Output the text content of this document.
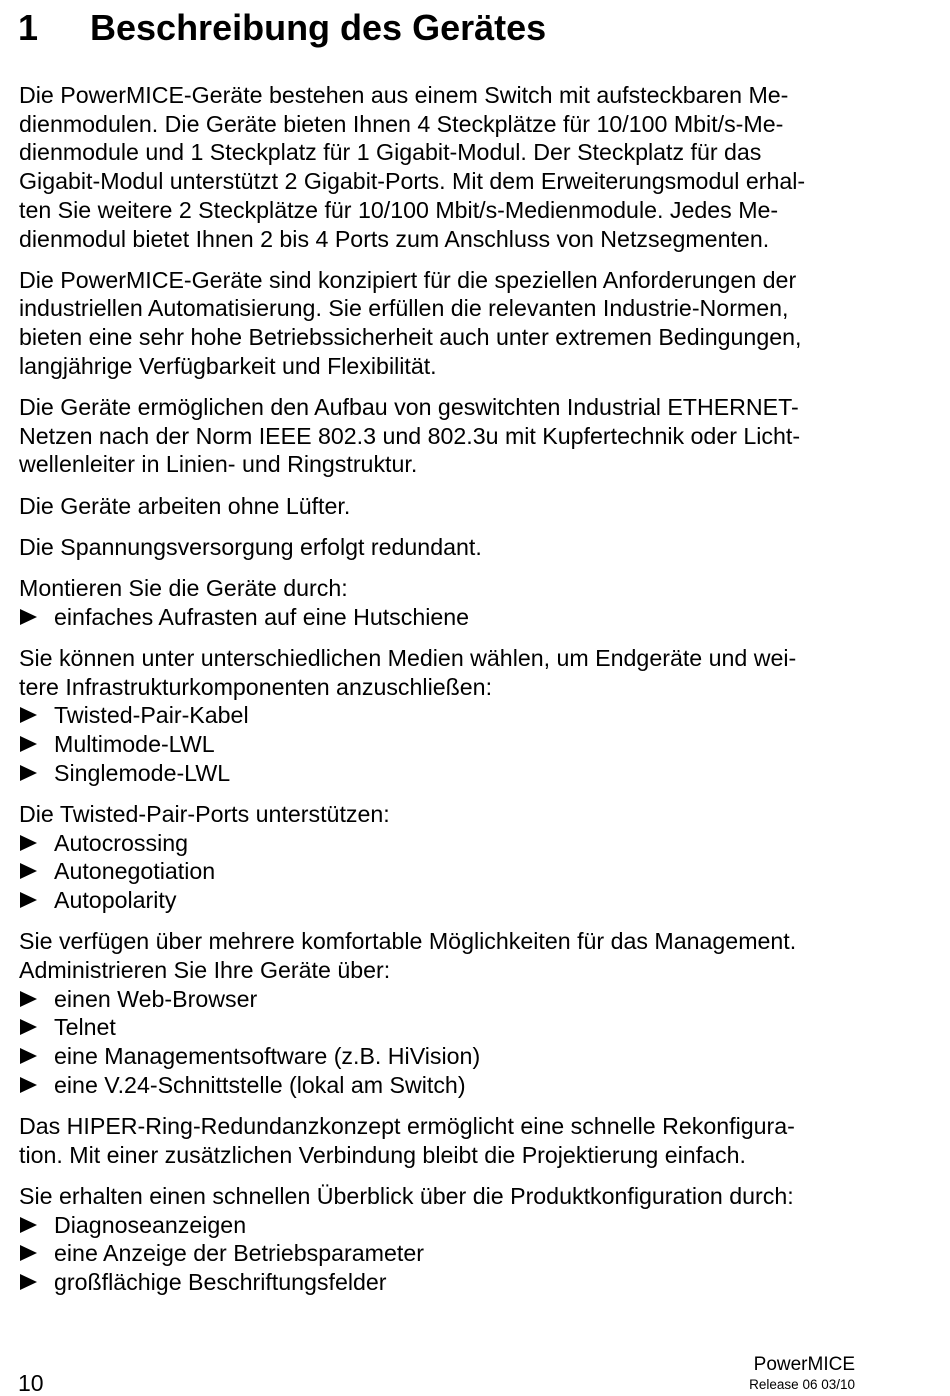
1 Beschreibung des Gerätes
Die PowerMICE-Geräte bestehen aus einem Switch mit aufsteckbaren Me-
dienmodulen. Die Geräte bieten Ihnen 4 Steckplätze für 10/100 Mbit/s-Me-
dienmodule und 1 Steckplatz für 1 Gigabit-Modul. Der Steckplatz für das
Gigabit-Modul unterstützt 2 Gigabit-Ports. Mit dem Erweiterungsmodul erhal-
ten Sie weitere 2 Steckplätze für 10/100 Mbit/s-Medienmodule. Jedes Me-
dienmodul bietet Ihnen 2 bis 4 Ports zum Anschluss von Netzsegmenten.
Die PowerMICE-Geräte sind konzipiert für die speziellen Anforderungen der
industriellen Automatisierung. Sie erfüllen die relevanten Industrie-Normen,
bieten eine sehr hohe Betriebssicherheit auch unter extremen Bedingungen,
langjährige Verfügbarkeit und Flexibilität.
Die Geräte ermöglichen den Aufbau von geswitchten Industrial ETHERNET-
Netzen nach der Norm IEEE 802.3 und 802.3u mit Kupfertechnik oder Licht-
wellenleiter in Linien- und Ringstruktur.
Die Geräte arbeiten ohne Lüfter.
Die Spannungsversorgung erfolgt redundant.
Montieren Sie die Geräte durch:
einfaches Aufrasten auf eine Hutschiene
Sie können unter unterschiedlichen Medien wählen, um Endgeräte und wei-
tere Infrastrukturkomponenten anzuschließen:
Twisted-Pair-Kabel
Multimode-LWL
Singlemode-LWL
Die Twisted-Pair-Ports unterstützen:
Autocrossing
Autonegotiation
Autopolarity
Sie verfügen über mehrere komfortable Möglichkeiten für das Management.
Administrieren Sie Ihre Geräte über:
einen Web-Browser
Telnet
eine Managementsoftware (z.B. HiVision)
eine V.24-Schnittstelle (lokal am Switch)
Das HIPER-Ring-Redundanzkonzept ermöglicht eine schnelle Rekonfigura-
tion. Mit einer zusätzlichen Verbindung bleibt die Projektierung einfach.
Sie erhalten einen schnellen Überblick über die Produktkonfiguration durch:
Diagnoseanzeigen
eine Anzeige der Betriebsparameter
großflächige Beschriftungsfelder
10
PowerMICE
Release 06 03/10
